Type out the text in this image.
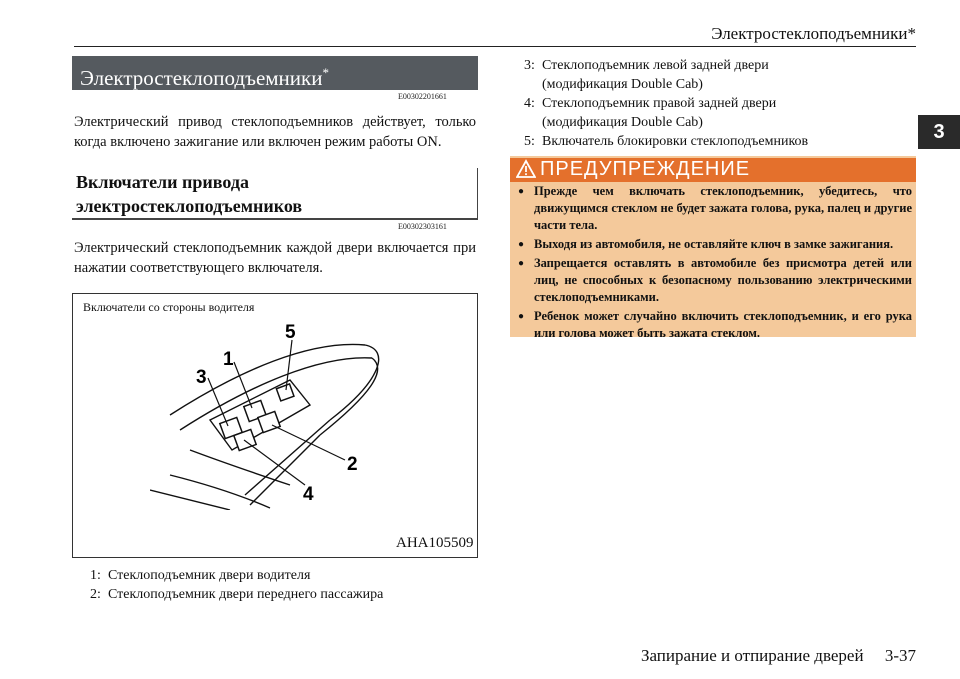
Электростеклоподъемники*
3
Электростеклоподъемники*
E00302201661
Электрический привод стеклоподъемников действует, только когда включено зажигание или включен режим работы ON.
Включатели привода
электростеклоподъемников
E00302303161
Электрический стеклоподъемник каждой двери включается при нажатии соответствующего включателя.
Включатели со стороны водителя
AHA105509
1
2
3
4
5
1: Стеклоподъемник двери водителя
2: Стеклоподъемник двери переднего пассажира
3: Стеклоподъемник левой задней двери
(модификация Double Cab)
4: Стеклоподъемник правой задней двери
(модификация Double Cab)
5: Включатель блокировки стеклоподъемников
ПРЕДУПРЕЖДЕНИЕ
● Прежде чем включать стеклоподъемник, убедитесь, что движущимся стеклом не будет зажата голова, рука, палец и другие части тела.
● Выходя из автомобиля, не оставляйте ключ в замке зажигания.
● Запрещается оставлять в автомобиле без присмотра детей или лиц, не способных к безопасному пользованию электрическими стеклоподъемниками.
● Ребенок может случайно включить стеклоподъемник, и его рука или голова может быть зажата стеклом.
Запирание и отпирание дверей 3-37
